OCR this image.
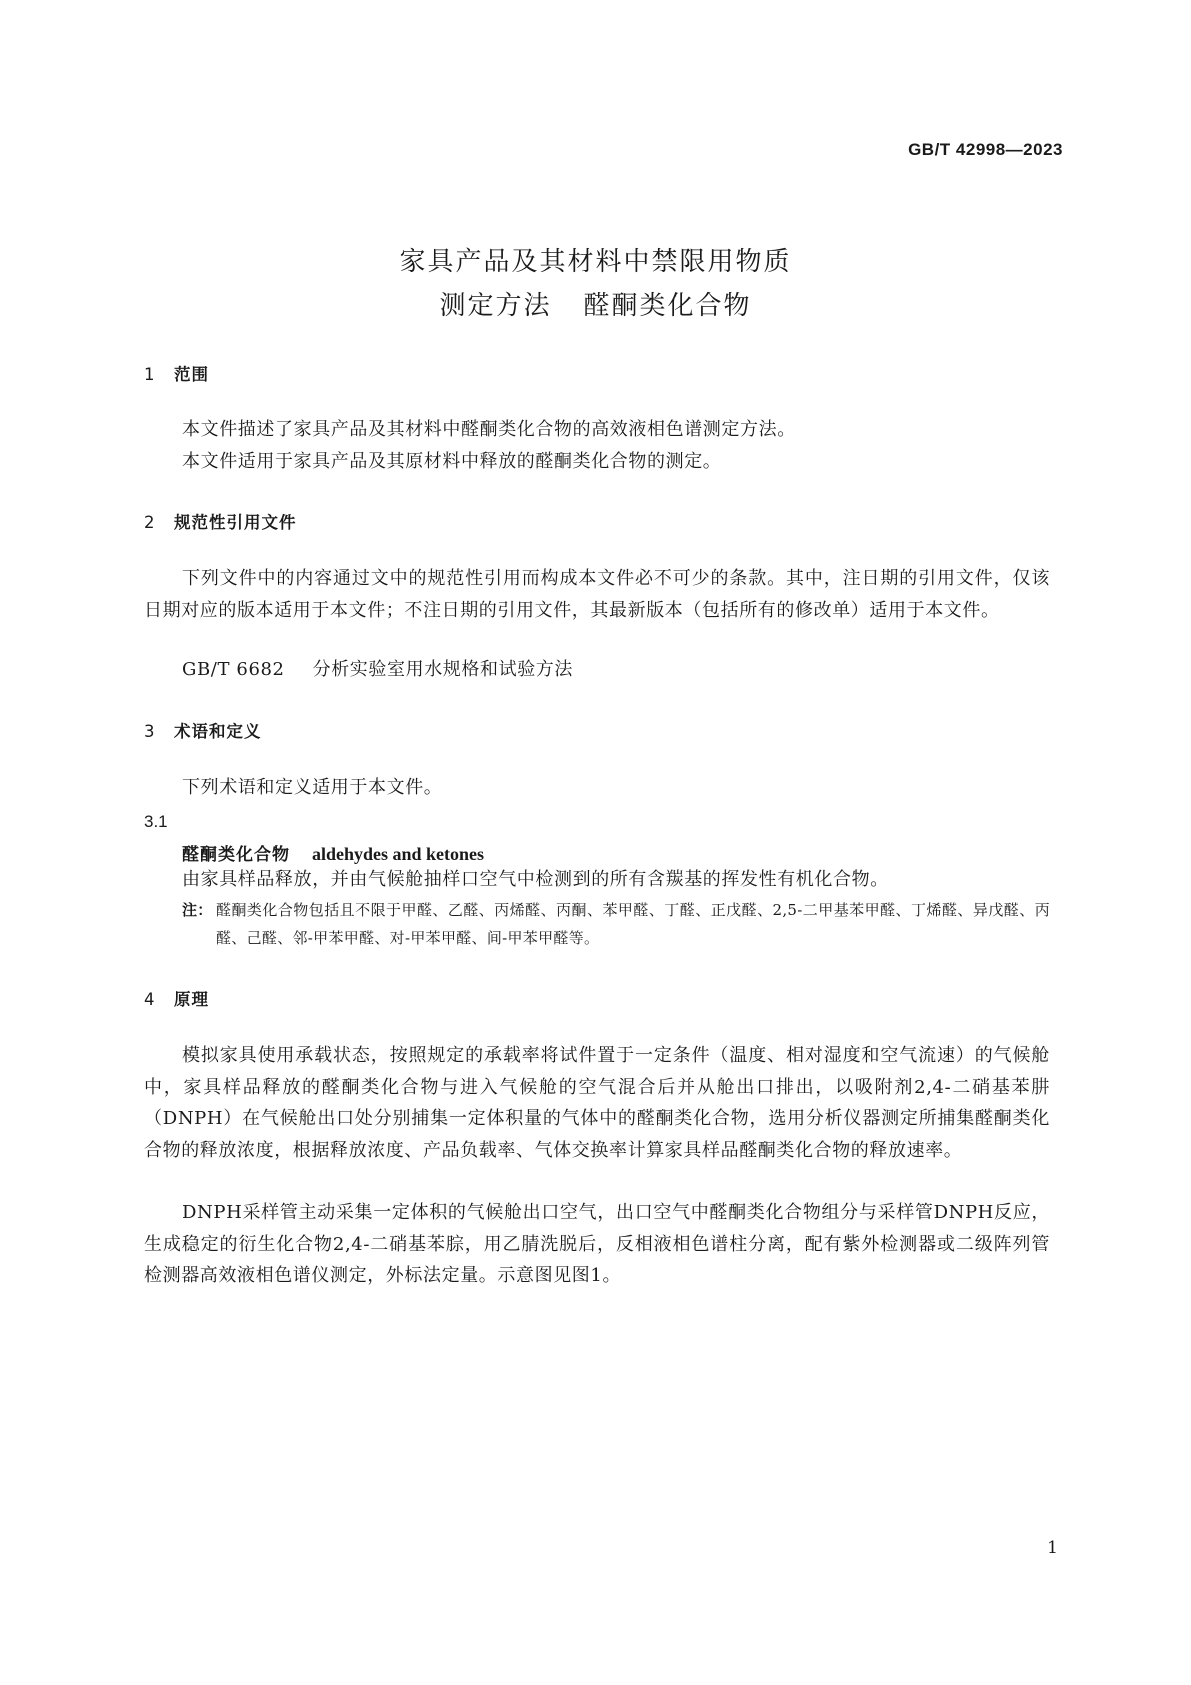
GB/T 42998—2023
家具产品及其材料中禁限用物质
测定方法 醛酮类化合物
1 范围
本文件描述了家具产品及其材料中醛酮类化合物的高效液相色谱测定方法。
本文件适用于家具产品及其原材料中释放的醛酮类化合物的测定。
2 规范性引用文件
下列文件中的内容通过文中的规范性引用而构成本文件必不可少的条款。其中，注日期的引用文件，仅该日期对应的版本适用于本文件；不注日期的引用文件，其最新版本（包括所有的修改单）适用于本文件。
GB/T 6682 分析实验室用水规格和试验方法
3 术语和定义
下列术语和定义适用于本文件。
3.1
醛酮类化合物 aldehydes and ketones
由家具样品释放，并由气候舱抽样口空气中检测到的所有含羰基的挥发性有机化合物。
注： 醛酮类化合物包括且不限于甲醛、乙醛、丙烯醛、丙酮、苯甲醛、丁醛、正戊醛、2,5-二甲基苯甲醛、丁烯醛、异戊醛、丙醛、己醛、邻-甲苯甲醛、对-甲苯甲醛、间-甲苯甲醛等。
4 原理
模拟家具使用承载状态，按照规定的承载率将试件置于一定条件（温度、相对湿度和空气流速）的气候舱中，家具样品释放的醛酮类化合物与进入气候舱的空气混合后并从舱出口排出，以吸附剂2,4-二硝基苯肼（DNPH）在气候舱出口处分别捕集一定体积量的气体中的醛酮类化合物，选用分析仪器测定所捕集醛酮类化合物的释放浓度，根据释放浓度、产品负载率、气体交换率计算家具样品醛酮类化合物的释放速率。
DNPH采样管主动采集一定体积的气候舱出口空气，出口空气中醛酮类化合物组分与采样管DNPH反应，生成稳定的衍生化合物2,4-二硝基苯腙，用乙腈洗脱后，反相液相色谱柱分离，配有紫外检测器或二级阵列管检测器高效液相色谱仪测定，外标法定量。示意图见图1。
1
